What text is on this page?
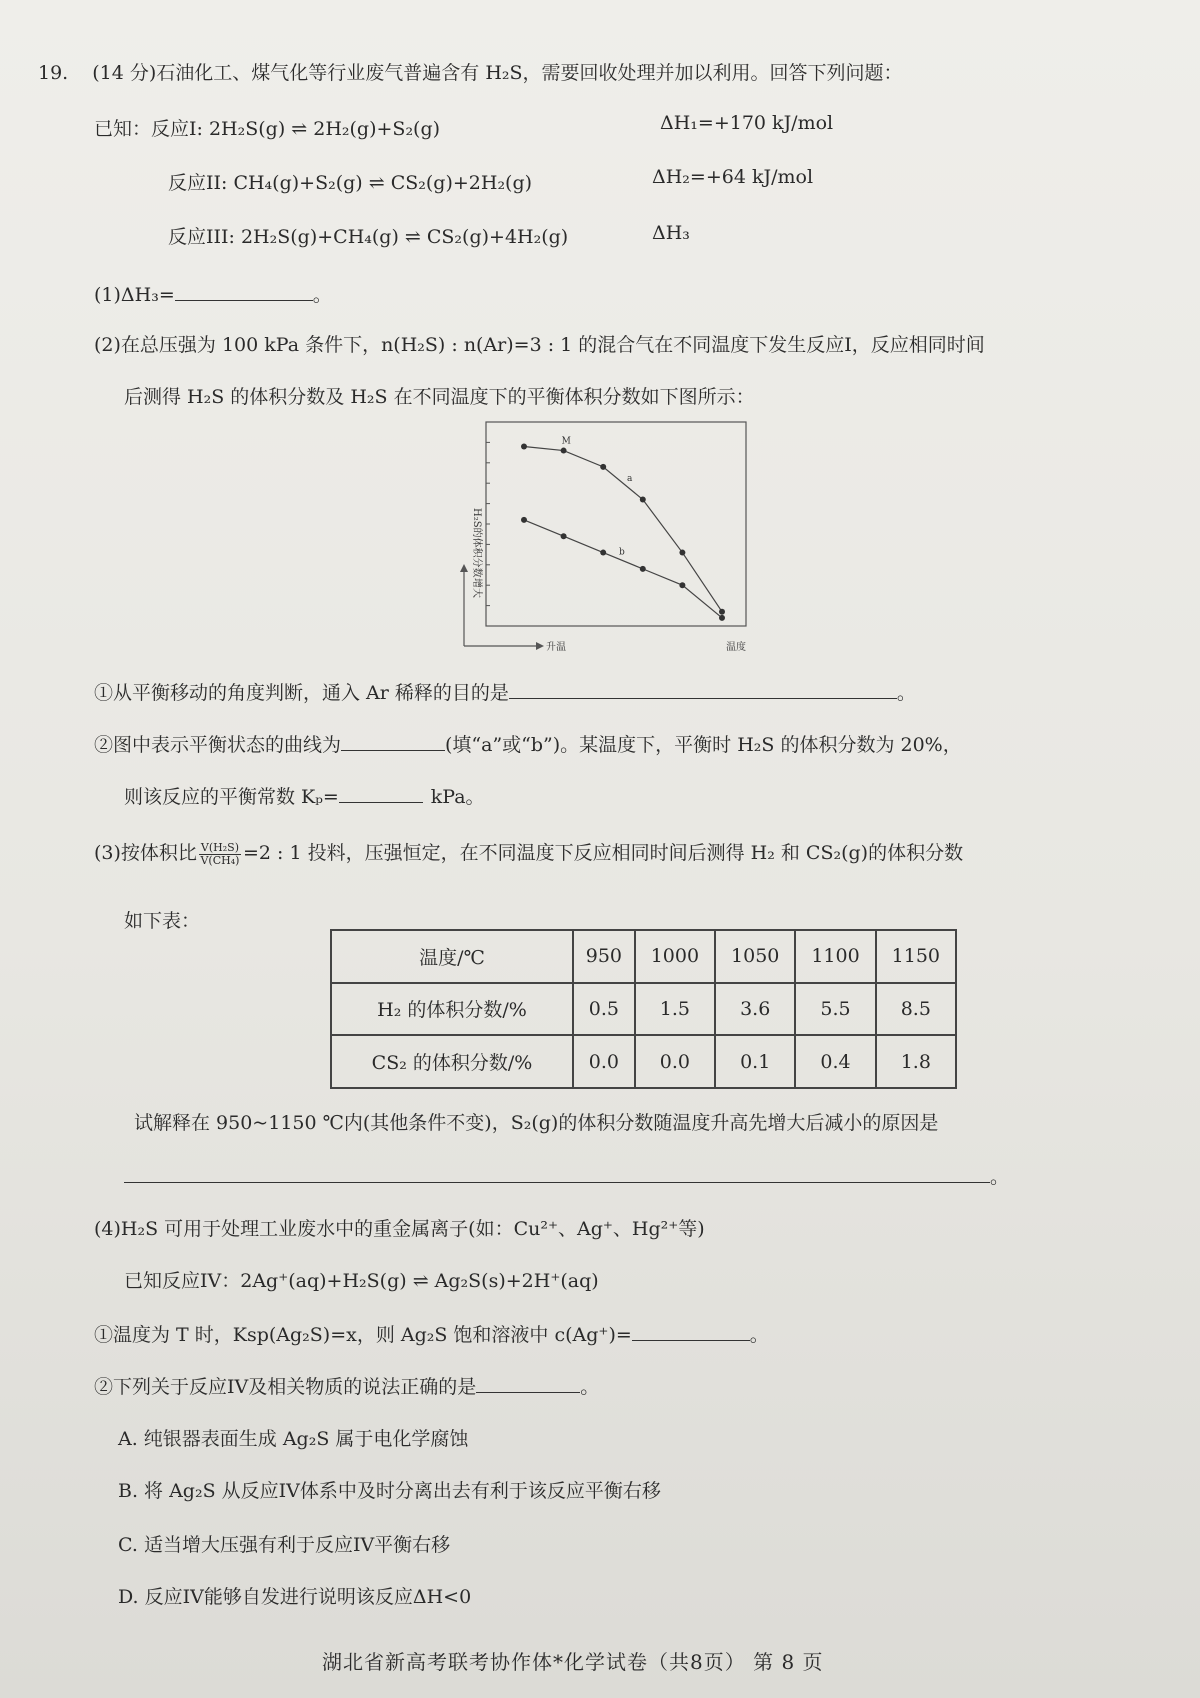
19. (14 分)石油化工、煤气化等行业废气普遍含有 H₂S，需要回收处理并加以利用。回答下列问题：
已知：反应I: 2H₂S(g) ⇌ 2H₂(g)+S₂(g)	ΔH₁=+170 kJ/mol
反应II: CH₄(g)+S₂(g) ⇌ CS₂(g)+2H₂(g)	ΔH₂=+64 kJ/mol
反应III: 2H₂S(g)+CH₄(g) ⇌ CS₂(g)+4H₂(g)	ΔH₃
(1)ΔH₃=	。
(2)在总压强为 100 kPa 条件下，n(H₂S) : n(Ar)=3 : 1 的混合气在不同温度下发生反应I，反应相同时间
后测得 H₂S 的体积分数及 H₂S 在不同温度下的平衡体积分数如下图所示：
H₂S的体积分数
增大
升温	温度
M
a
b
①从平衡移动的角度判断，通入 Ar 稀释的目的是	。
②图中表示平衡状态的曲线为	(填“a”或“b”)。某温度下，平衡时 H₂S 的体积分数为 20%，
则该反应的平衡常数 Kₚ=	kPa。
(3)按体积比 $\frac{\text{V(H₂S)}}{\text{V(CH₄)}} =2$ : 1 投料，压强恒定，在不同温度下反应相同时间后测得 H₂ 和 CS₂(g)的体积分数
如下表：
温度/℃	950	1000	1050	1100	1150
H₂ 的体积分数/%	0.5	1.5	3.6	5.5	8.5
CS₂ 的体积分数/%	0.0	0.0	0.1	0.4	1.8
试解释在 950~1150 ℃内(其他条件不变)，S₂(g)的体积分数随温度升高先增大后减小的原因是
。
(4)H₂S 可用于处理工业废水中的重金属离子(如：Cu²⁺、Ag⁺、Hg²⁺等)
已知反应IV：2Ag⁺(aq)+H₂S(g) ⇌ Ag₂S(s)+2H⁺(aq)
①温度为 T 时，Ksp(Ag₂S)=x，则 Ag₂S 饱和溶液中 c(Ag⁺)=	。
②下列关于反应IV及相关物质的说法正确的是	。
A. 纯银器表面生成 Ag₂S 属于电化学腐蚀
B. 将 Ag₂S 从反应IV体系中及时分离出去有利于该反应平衡右移
C. 适当增大压强有利于反应IV平衡右移
D. 反应IV能够自发进行说明该反应ΔH<0
湖北省新高考联考协作体*化学试卷（共8页） 第 8 页
